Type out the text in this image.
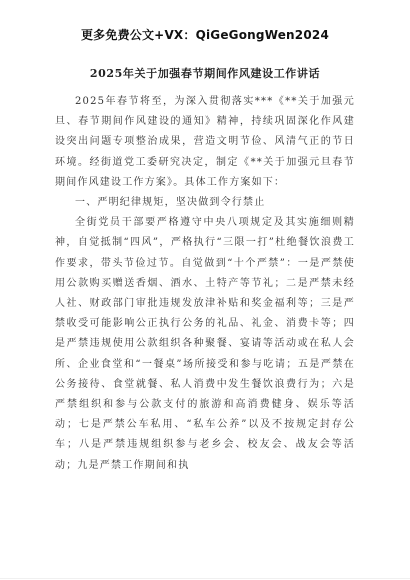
更多免费公文+VX：QiGeGongWen2024
2025年关于加强春节期间作风建设工作讲话

2025年春节将至，为深入贯彻落实***《**关于加强元旦、春节期间作风建设的通知》精神，持续巩固深化作风建设突出问题专项整治成果，营造文明节俭、风清气正的节日环境。经街道党工委研究决定，制定《**关于加强元旦春节期间作风建设工作方案》。具体工作方案如下：

一、严明纪律规矩，坚决做到令行禁止

全街党员干部要严格遵守中央八项规定及其实施细则精神，自觉抵制“四风”，严格执行“三限一打”杜绝餐饮浪费工作要求，带头节俭过节。自觉做到“十个严禁”：一是严禁使用公款购买赠送香烟、酒水、土特产等节礼；二是严禁未经人社、财政部门审批违规发放津补贴和奖金福利等；三是严禁收受可能影响公正执行公务的礼品、礼金、消费卡等；四是严禁违规使用公款组织各种聚餐、宴请等活动或在私人会所、企业食堂和“一餐桌”场所接受和参与吃请；五是严禁在公务接待、食堂就餐、私人消费中发生餐饮浪费行为；六是严禁组织和参与公款支付的旅游和高消费健身、娱乐等活动；七是严禁公车私用、“私车公养”以及不按规定封存公车；八是严禁违规组织参与老乡会、校友会、战友会等活动；九是严禁工作期间和执
